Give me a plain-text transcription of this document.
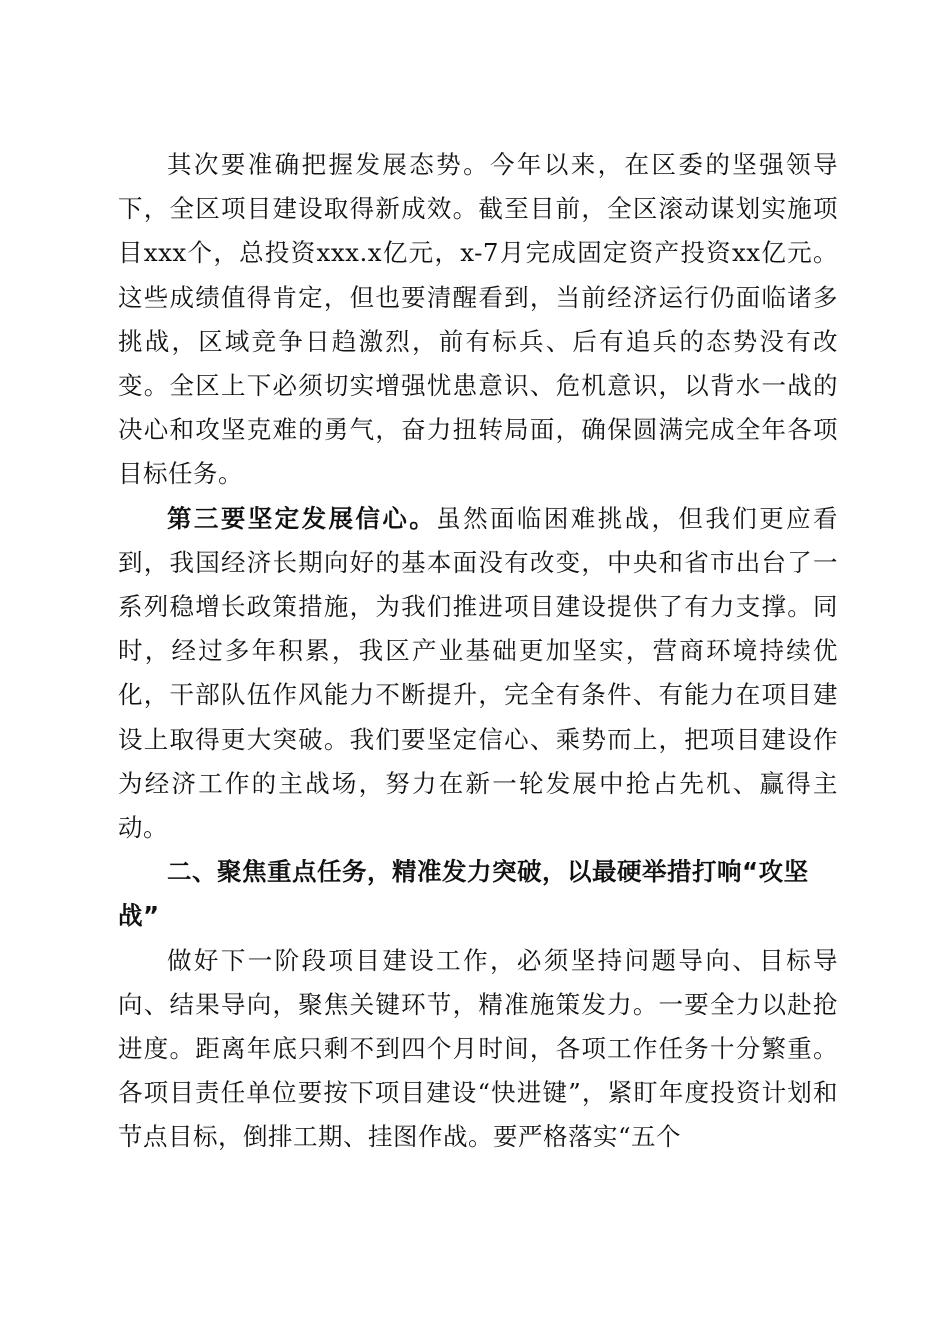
其次要准确把握发展态势。今年以来，在区委的坚强领导下，全区项目建设取得新成效。截至目前，全区滚动谋划实施项目xxx个，总投资xxx.x亿元，x-7月完成固定资产投资xx亿元。这些成绩值得肯定，但也要清醒看到，当前经济运行仍面临诸多挑战，区域竞争日趋激烈，前有标兵、后有追兵的态势没有改变。全区上下必须切实增强忧患意识、危机意识，以背水一战的决心和攻坚克难的勇气，奋力扭转局面，确保圆满完成全年各项目标任务。

第三要坚定发展信心。虽然面临困难挑战，但我们更应看到，我国经济长期向好的基本面没有改变，中央和省市出台了一系列稳增长政策措施，为我们推进项目建设提供了有力支撑。同时，经过多年积累，我区产业基础更加坚实，营商环境持续优化，干部队伍作风能力不断提升，完全有条件、有能力在项目建设上取得更大突破。我们要坚定信心、乘势而上，把项目建设作为经济工作的主战场，努力在新一轮发展中抢占先机、赢得主动。

二、聚焦重点任务，精准发力突破，以最硬举措打响“攻坚战”

做好下一阶段项目建设工作，必须坚持问题导向、目标导向、结果导向，聚焦关键环节，精准施策发力。一要全力以赴抢进度。距离年底只剩不到四个月时间，各项工作任务十分繁重。各项目责任单位要按下项目建设“快进键”，紧盯年度投资计划和节点目标，倒排工期、挂图作战。要严格落实“五个
